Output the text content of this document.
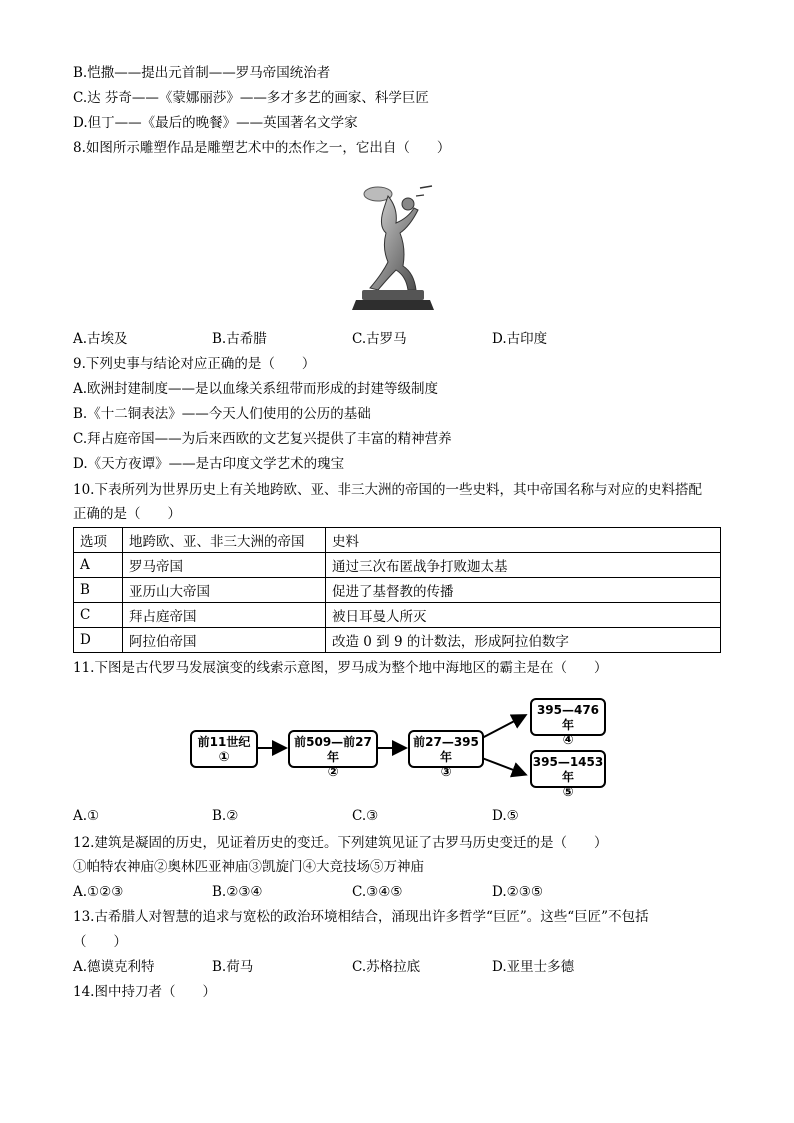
B.恺撒——提出元首制——罗马帝国统治者
C.达 芬奇——《蒙娜丽莎》——多才多艺的画家、科学巨匠
D.但丁——《最后的晚餐》——英国著名文学家
8.如图所示雕塑作品是雕塑艺术中的杰作之一，它出自（　　）
A.古埃及	B.古希腊	C.古罗马	D.古印度
9.下列史事与结论对应正确的是（　　）
A.欧洲封建制度——是以血缘关系纽带而形成的封建等级制度
B.《十二铜表法》——今天人们使用的公历的基础
C.拜占庭帝国——为后来西欧的文艺复兴提供了丰富的精神营养
D.《天方夜谭》——是古印度文学艺术的瑰宝
10.下表所列为世界历史上有关地跨欧、亚、非三大洲的帝国的一些史料，其中帝国名称与对应的史料搭配
正确的是（　　）
选项	地跨欧、亚、非三大洲的帝国	史料
A	罗马帝国	通过三次布匿战争打败迦太基
B	亚历山大帝国	促进了基督教的传播
C	拜占庭帝国	被日耳曼人所灭
D	阿拉伯帝国	改造 0 到 9 的计数法，形成阿拉伯数字
11.下图是古代罗马发展演变的线索示意图，罗马成为整个地中海地区的霸主是在（　　）
前11世纪
①
前509—前27年
②
前27—395年
③
395—476年
④
395—1453年
⑤
A.①	B.②	C.③	D.⑤
12.建筑是凝固的历史，见证着历史的变迁。下列建筑见证了古罗马历史变迁的是（　　）
①帕特农神庙②奥林匹亚神庙③凯旋门④大竞技场⑤万神庙
A.①②③	B.②③④	C.③④⑤	D.②③⑤
13.古希腊人对智慧的追求与宽松的政治环境相结合，涌现出许多哲学“巨匠”。这些“巨匠”不包括
（　　）
A.德谟克利特	B.荷马	C.苏格拉底	D.亚里士多德
14.图中持刀者（　　）
